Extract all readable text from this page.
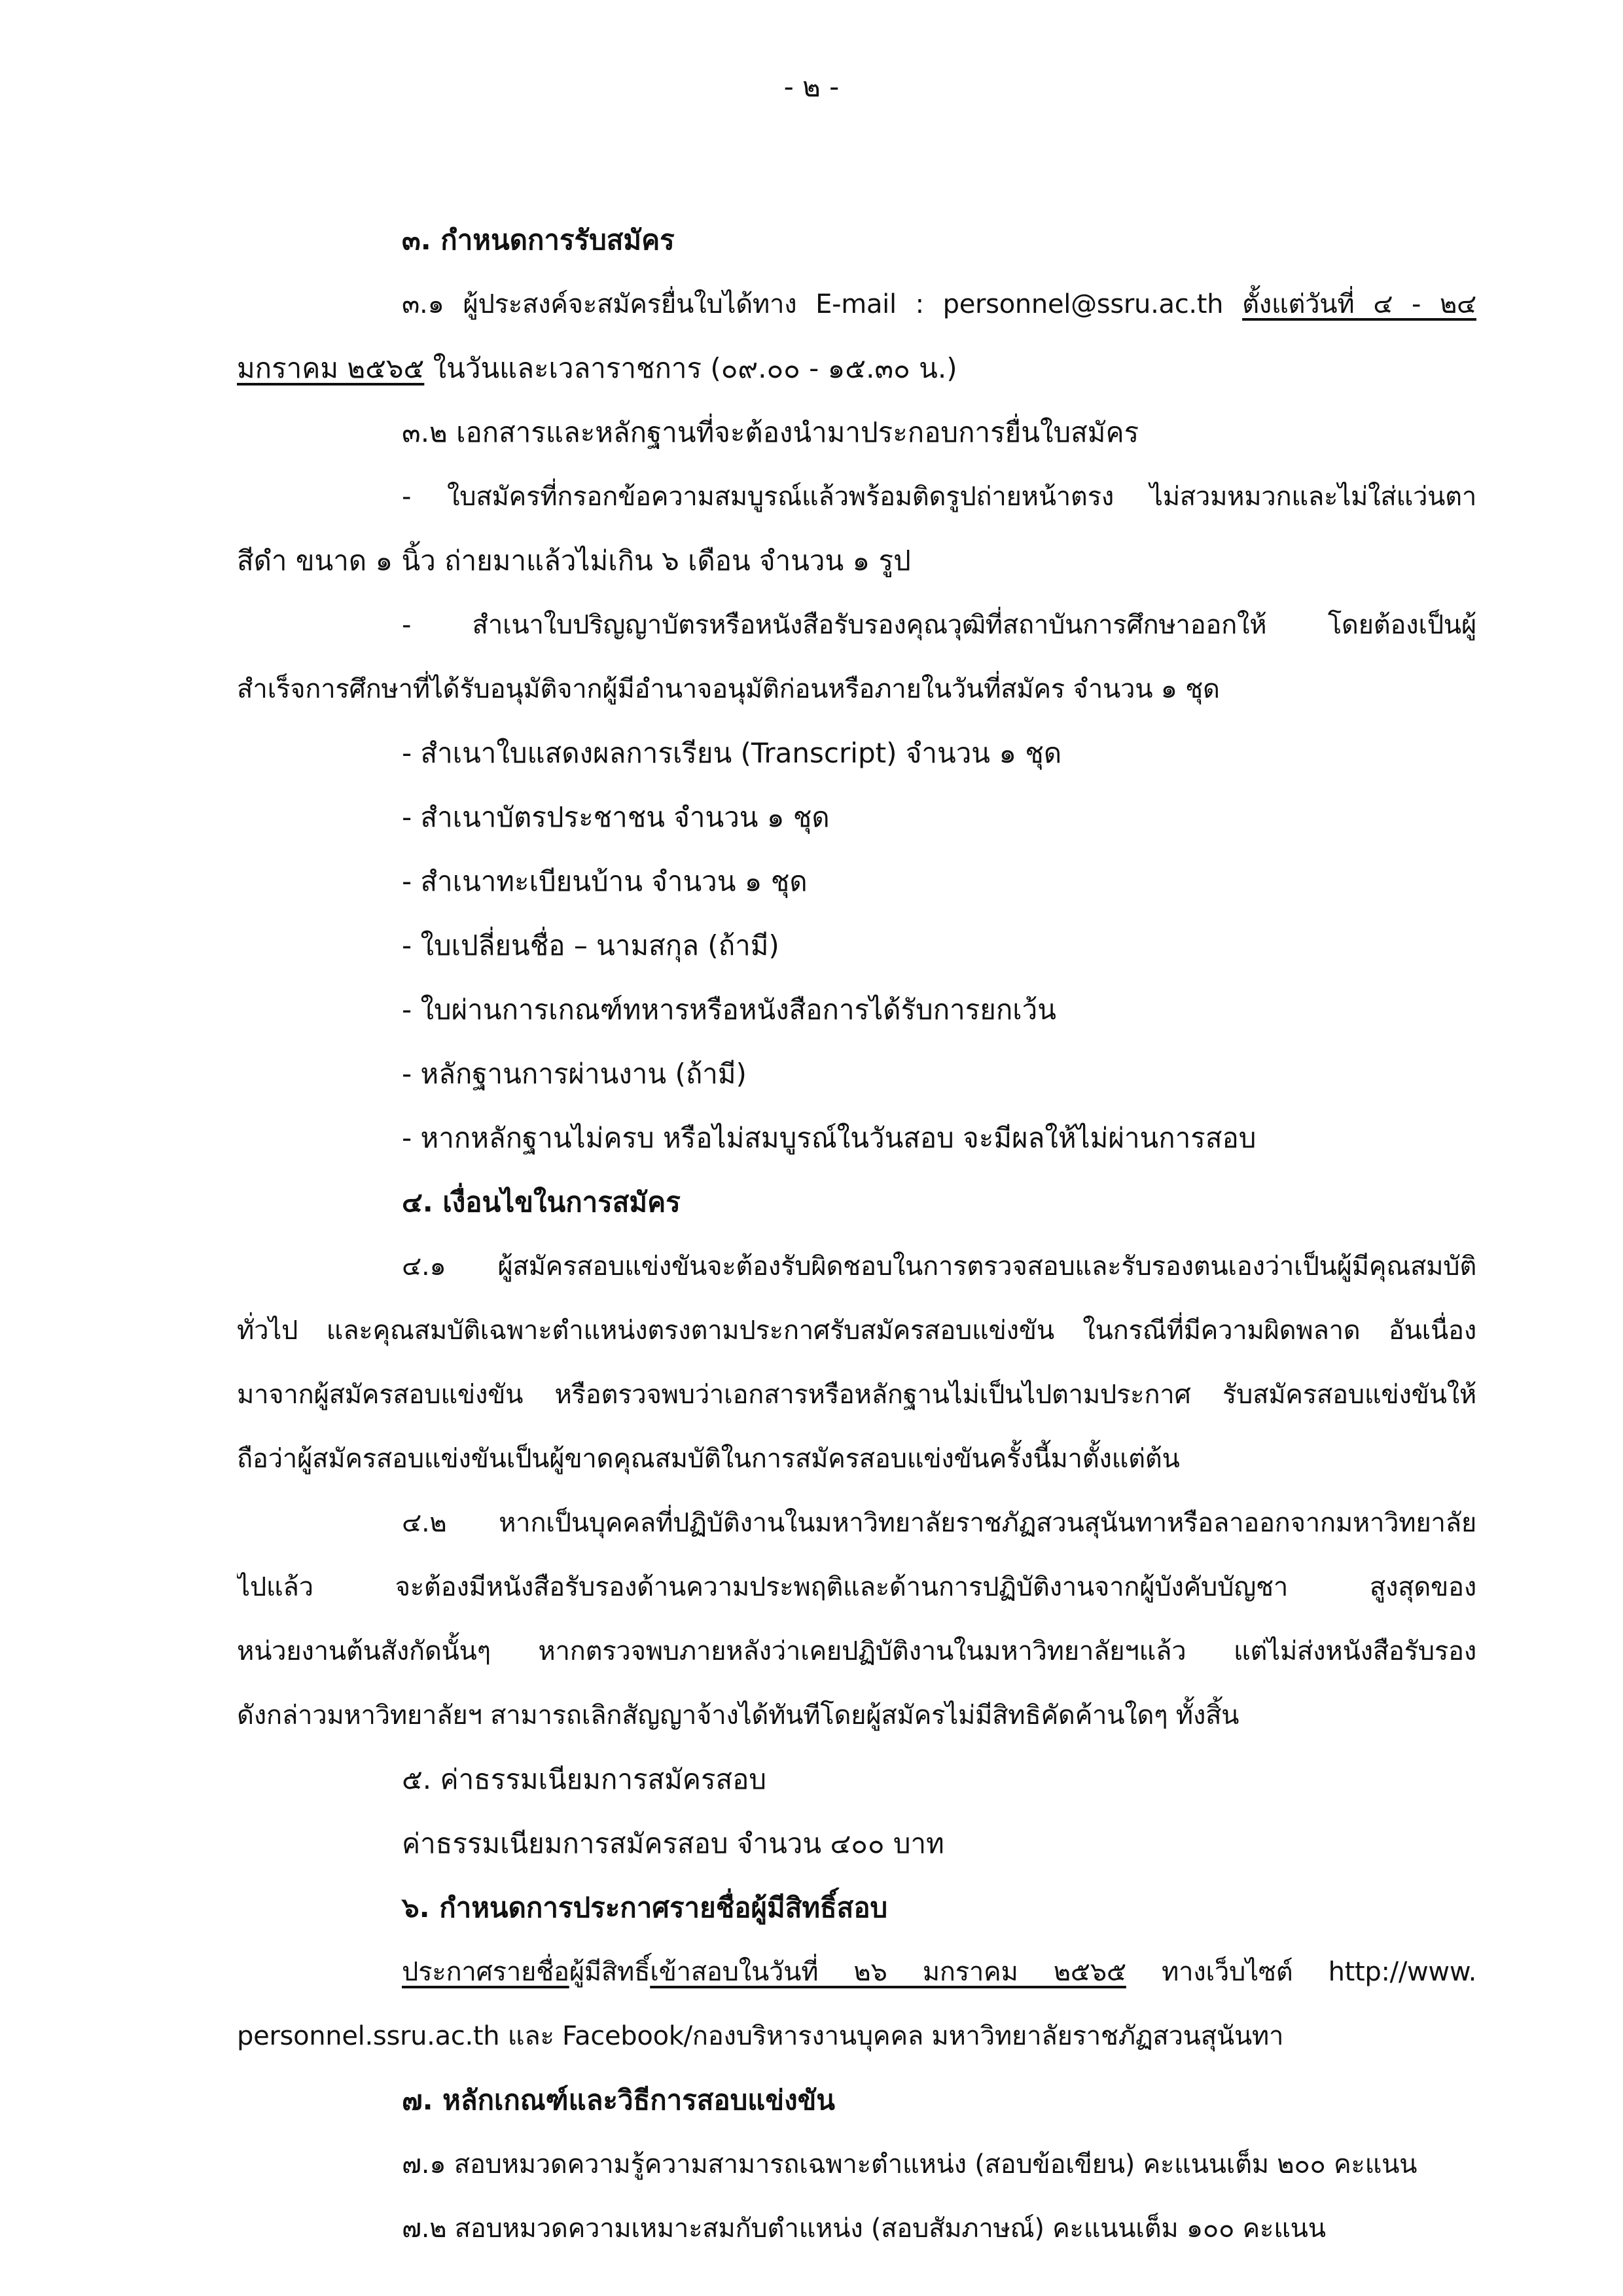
- ๒ -
๓. กำหนดการรับสมัคร
๓.๑ ผู้ประสงค์จะสมัครยื่นใบได้ทาง E-mail : personnel@ssru.ac.th ตั้งแต่วันที่ ๔ - ๒๔
มกราคม ๒๕๖๕ ในวันและเวลาราชการ (๐๙.๐๐ - ๑๕.๓๐ น.)
๓.๒ เอกสารและหลักฐานที่จะต้องนำมาประกอบการยื่นใบสมัคร
- ใบสมัครที่กรอกข้อความสมบูรณ์แล้วพร้อมติดรูปถ่ายหน้าตรง ไม่สวมหมวกและไม่ใส่แว่นตา
สีดำ ขนาด ๑ นิ้ว ถ่ายมาแล้วไม่เกิน ๖ เดือน จำนวน ๑ รูป
- สำเนาใบปริญญาบัตรหรือหนังสือรับรองคุณวุฒิที่สถาบันการศึกษาออกให้ โดยต้องเป็นผู้
สำเร็จการศึกษาที่ได้รับอนุมัติจากผู้มีอำนาจอนุมัติก่อนหรือภายในวันที่สมัคร จำนวน ๑ ชุด
- สำเนาใบแสดงผลการเรียน (Transcript) จำนวน ๑ ชุด
- สำเนาบัตรประชาชน จำนวน ๑ ชุด
- สำเนาทะเบียนบ้าน จำนวน ๑ ชุด
- ใบเปลี่ยนชื่อ – นามสกุล (ถ้ามี)
- ใบผ่านการเกณฑ์ทหารหรือหนังสือการได้รับการยกเว้น
- หลักฐานการผ่านงาน (ถ้ามี)
- หากหลักฐานไม่ครบ หรือไม่สมบูรณ์ในวันสอบ จะมีผลให้ไม่ผ่านการสอบ
๔. เงื่อนไขในการสมัคร
๔.๑ ผู้สมัครสอบแข่งขันจะต้องรับผิดชอบในการตรวจสอบและรับรองตนเองว่าเป็นผู้มีคุณสมบัติ
ทั่วไป และคุณสมบัติเฉพาะตำแหน่งตรงตามประกาศรับสมัครสอบแข่งขัน ในกรณีที่มีความผิดพลาด อันเนื่อง
มาจากผู้สมัครสอบแข่งขัน หรือตรวจพบว่าเอกสารหรือหลักฐานไม่เป็นไปตามประกาศ รับสมัครสอบแข่งขันให้
ถือว่าผู้สมัครสอบแข่งขันเป็นผู้ขาดคุณสมบัติในการสมัครสอบแข่งขันครั้งนี้มาตั้งแต่ต้น
๔.๒ หากเป็นบุคคลที่ปฏิบัติงานในมหาวิทยาลัยราชภัฏสวนสุนันทาหรือลาออกจากมหาวิทยาลัย
ไปแล้ว จะต้องมีหนังสือรับรองด้านความประพฤติและด้านการปฏิบัติงานจากผู้บังคับบัญชา สูงสุดของ
หน่วยงานต้นสังกัดนั้นๆ หากตรวจพบภายหลังว่าเคยปฏิบัติงานในมหาวิทยาลัยฯแล้ว แต่ไม่ส่งหนังสือรับรอง
ดังกล่าวมหาวิทยาลัยฯ สามารถเลิกสัญญาจ้างได้ทันทีโดยผู้สมัครไม่มีสิทธิคัดค้านใดๆ ทั้งสิ้น
๕. ค่าธรรมเนียมการสมัครสอบ
ค่าธรรมเนียมการสมัครสอบ จำนวน ๔๐๐ บาท
๖. กำหนดการประกาศรายชื่อผู้มีสิทธิ์สอบ
ประกาศรายชื่อผู้มีสิทธิ์เข้าสอบในวันที่ ๒๖ มกราคม ๒๕๖๕ ทางเว็บไซต์ http://www.
personnel.ssru.ac.th และ Facebook/กองบริหารงานบุคคล มหาวิทยาลัยราชภัฏสวนสุนันทา
๗. หลักเกณฑ์และวิธีการสอบแข่งขัน
๗.๑ สอบหมวดความรู้ความสามารถเฉพาะตำแหน่ง (สอบข้อเขียน) คะแนนเต็ม ๒๐๐ คะแนน
๗.๒ สอบหมวดความเหมาะสมกับตำแหน่ง (สอบสัมภาษณ์) คะแนนเต็ม ๑๐๐ คะแนน
